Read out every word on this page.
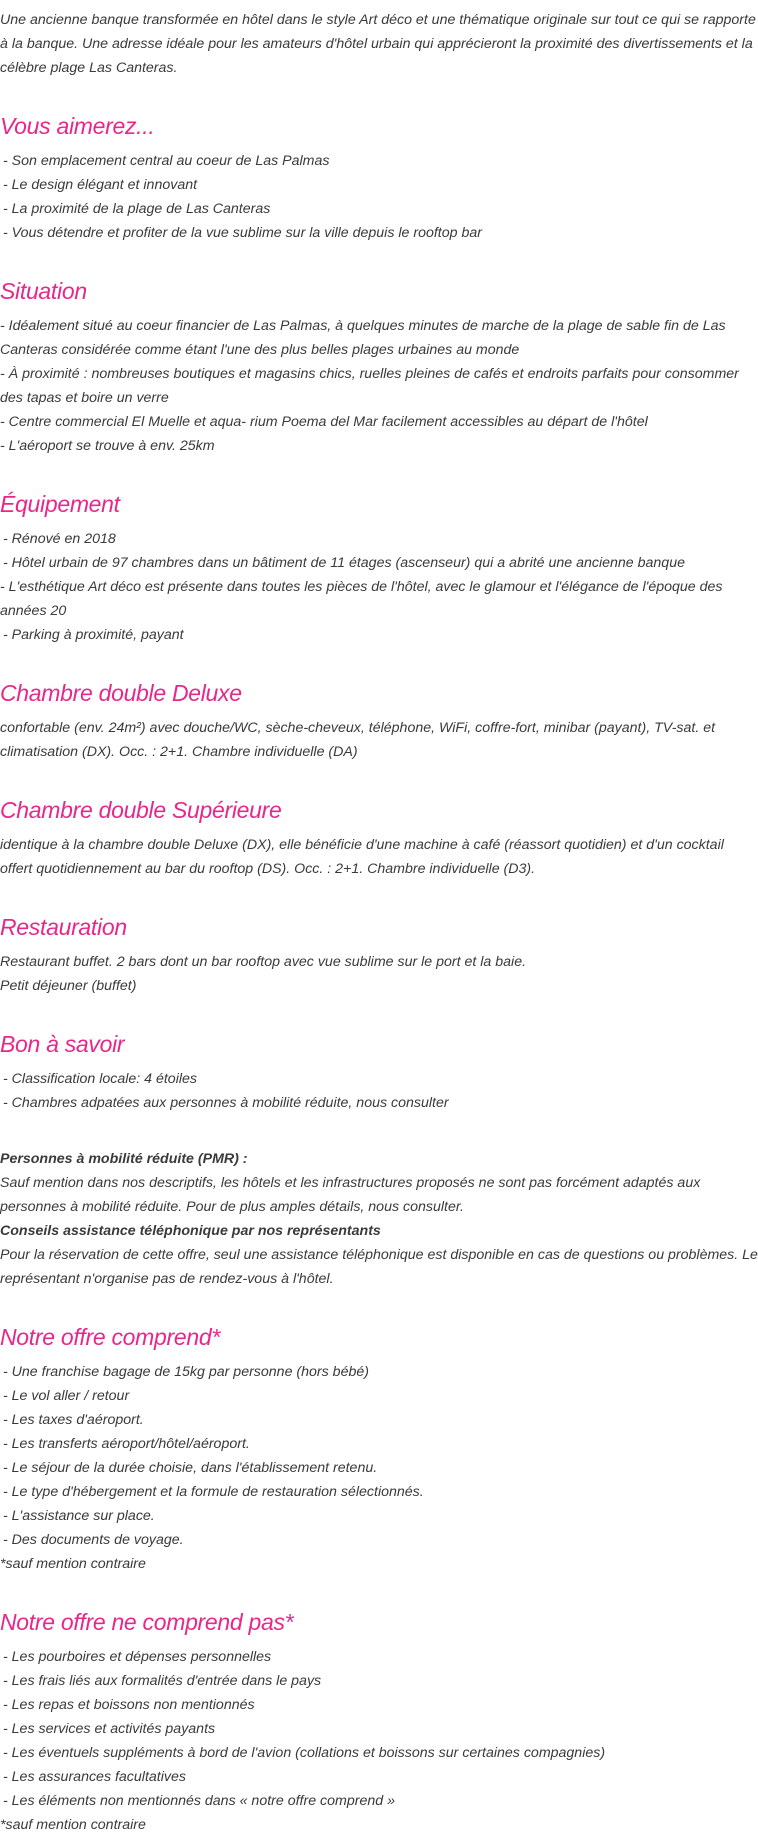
Une ancienne banque transformée en hôtel dans le style Art déco et une thématique originale sur tout ce qui se rapporte à la banque. Une adresse idéale pour les amateurs d'hôtel urbain qui apprécieront la proximité des divertissements et la célèbre plage Las Canteras.

Vous aimerez...
- Son emplacement central au coeur de Las Palmas
- Le design élégant et innovant
- La proximité de la plage de Las Canteras
- Vous détendre et profiter de la vue sublime sur la ville depuis le rooftop bar
Situation
- Idéalement situé au coeur financier de Las Palmas, à quelques minutes de marche de la plage de sable fin de Las Canteras considérée comme étant l'une des plus belles plages urbaines au monde
- À proximité : nombreuses boutiques et magasins chics, ruelles pleines de cafés et endroits parfaits pour consommer des tapas et boire un verre
- Centre commercial El Muelle et aqua- rium Poema del Mar facilement accessibles au départ de l'hôtel
- L'aéroport se trouve à env. 25km
Équipement
- Rénové en 2018
- Hôtel urbain de 97 chambres dans un bâtiment de 11 étages (ascenseur) qui a abrité une ancienne banque
- L'esthétique Art déco est présente dans toutes les pièces de l'hôtel, avec le glamour et l'élégance de l'époque des années 20
- Parking à proximité, payant
Chambre double Deluxe

confortable (env. 24m²) avec douche/WC, sèche-cheveux, téléphone, WiFi, coffre-fort, minibar (payant), TV-sat. et climatisation (DX). Occ. : 2+1. Chambre individuelle (DA)

Chambre double Supérieure

identique à la chambre double Deluxe (DX), elle bénéficie d'une machine à café (réassort quotidien) et d'un cocktail offert quotidiennement au bar du rooftop (DS). Occ. : 2+1. Chambre individuelle (D3).

Restauration

Restaurant buffet. 2 bars dont un bar rooftop avec vue sublime sur le port et la baie.

Petit déjeuner (buffet)

Bon à savoir
- Classification locale: 4 étoiles
- Chambres adpatées aux personnes à mobilité réduite, nous consulter

Personnes à mobilité réduite (PMR) :

Sauf mention dans nos descriptifs, les hôtels et les infrastructures proposés ne sont pas forcément adaptés aux personnes à mobilité réduite. Pour de plus amples détails, nous consulter.

Conseils assistance téléphonique par nos représentants

Pour la réservation de cette offre, seul une assistance téléphonique est disponible en cas de questions ou problèmes. Le représentant n'organise pas de rendez-vous à l'hôtel.

Notre offre comprend*
- Une franchise bagage de 15kg par personne (hors bébé)
- Le vol aller / retour
- Les taxes d'aéroport.
- Les transferts aéroport/hôtel/aéroport.
- Le séjour de la durée choisie, dans l'établissement retenu.
- Le type d'hébergement et la formule de restauration sélectionnés.
- L'assistance sur place.
- Des documents de voyage.

*sauf mention contraire

Notre offre ne comprend pas*
- Les pourboires et dépenses personnelles
- Les frais liés aux formalités d'entrée dans le pays
- Les repas et boissons non mentionnés
- Les services et activités payants
- Les éventuels suppléments à bord de l'avion (collations et boissons sur certaines compagnies)
- Les assurances facultatives
- Les éléments non mentionnés dans « notre offre comprend »

*sauf mention contraire
